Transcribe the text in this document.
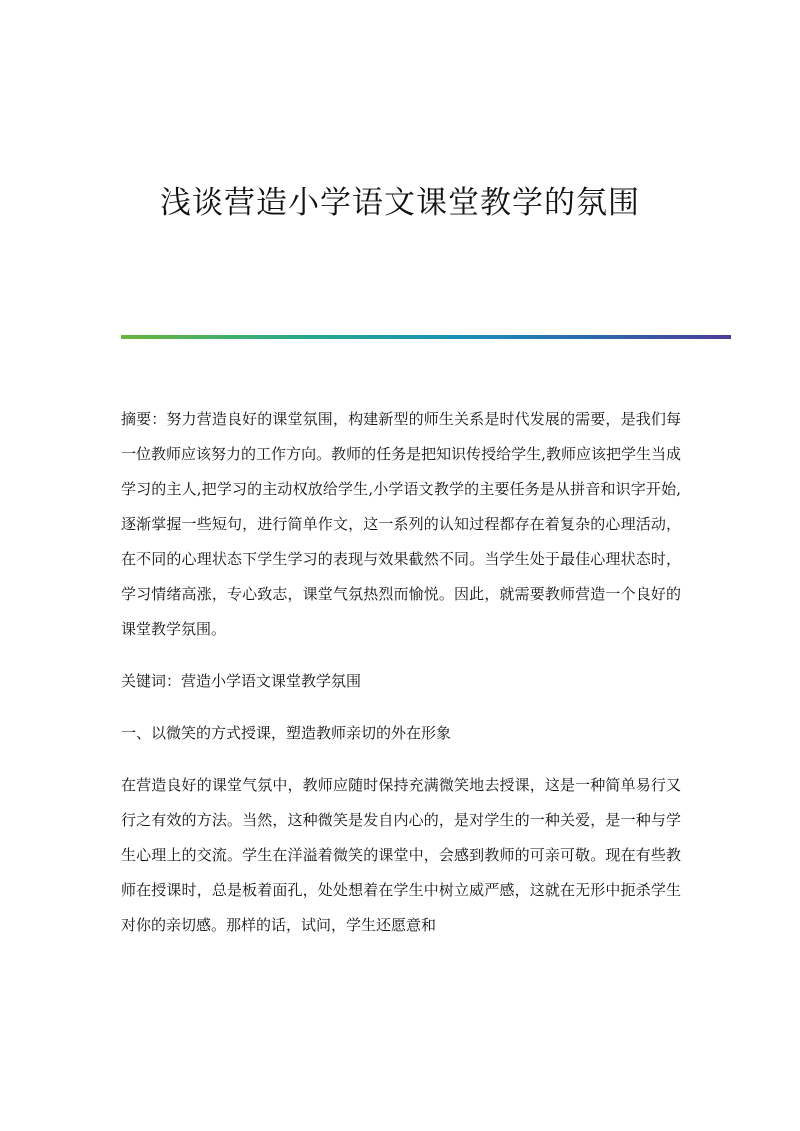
浅谈营造小学语文课堂教学的氛围

摘要：努力营造良好的课堂氛围，构建新型的师生关系是时代发展的需要，是我们每一位教师应该努力的工作方向。教师的任务是把知识传授给学生,教师应该把学生当成学习的主人,把学习的主动权放给学生,小学语文教学的主要任务是从拼音和识字开始,逐渐掌握一些短句，进行简单作文，这一系列的认知过程都存在着复杂的心理活动，在不同的心理状态下学生学习的表现与效果截然不同。当学生处于最佳心理状态时，学习情绪高涨，专心致志，课堂气氛热烈而愉悦。因此，就需要教师营造一个良好的课堂教学氛围。

关键词：营造小学语文课堂教学氛围

一、以微笑的方式授课，塑造教师亲切的外在形象

在营造良好的课堂气氛中，教师应随时保持充满微笑地去授课，这是一种简单易行又行之有效的方法。当然，这种微笑是发自内心的，是对学生的一种关爱，是一种与学生心理上的交流。学生在洋溢着微笑的课堂中，会感到教师的可亲可敬。现在有些教师在授课时，总是板着面孔，处处想着在学生中树立威严感，这就在无形中扼杀学生对你的亲切感。那样的话，试问，学生还愿意和
